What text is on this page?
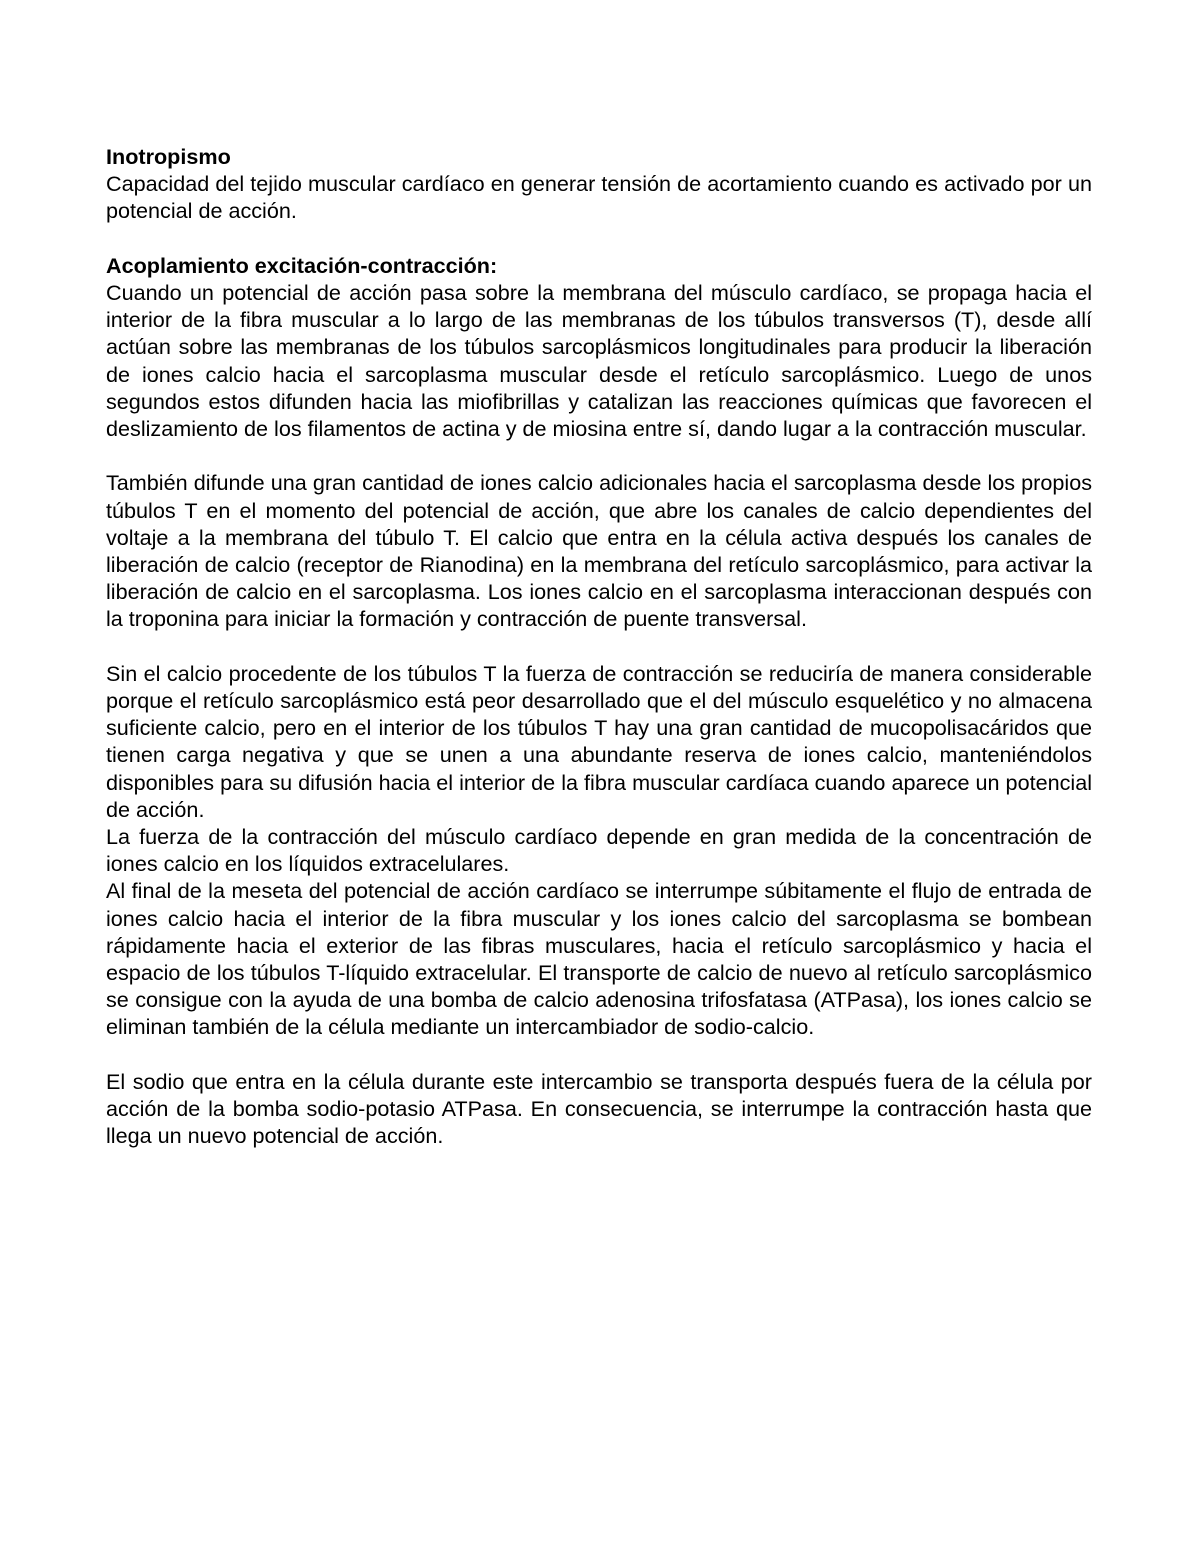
Inotropismo

Capacidad del tejido muscular cardíaco en generar tensión de acortamiento cuando es activado por un potencial de acción.

Acoplamiento excitación-contracción:

Cuando un potencial de acción pasa sobre la membrana del músculo cardíaco, se propaga hacia el interior de la fibra muscular a lo largo de las membranas de los túbulos transversos (T), desde allí actúan sobre las membranas de los túbulos sarcoplásmicos longitudinales para producir la liberación de iones calcio hacia el sarcoplasma muscular desde el retículo sarcoplásmico. Luego de unos segundos estos difunden hacia las miofibrillas y catalizan las reacciones químicas que favorecen el deslizamiento de los filamentos de actina y de miosina entre sí, dando lugar a la contracción muscular.

También difunde una gran cantidad de iones calcio adicionales hacia el sarcoplasma desde los propios túbulos T en el momento del potencial de acción, que abre los canales de calcio dependientes del voltaje a la membrana del túbulo T. El calcio que entra en la célula activa después los canales de liberación de calcio (receptor de Rianodina) en la membrana del retículo sarcoplásmico, para activar la liberación de calcio en el sarcoplasma. Los iones calcio en el sarcoplasma interaccionan después con la troponina para iniciar la formación y contracción de puente transversal.

Sin el calcio procedente de los túbulos T la fuerza de contracción se reduciría de manera considerable porque el retículo sarcoplásmico está peor desarrollado que el del músculo esquelético y no almacena suficiente calcio, pero en el interior de los túbulos T hay una gran cantidad de mucopolisacáridos que tienen carga negativa y que se unen a una abundante reserva de iones calcio, manteniéndolos disponibles para su difusión hacia el interior de la fibra muscular cardíaca cuando aparece un potencial de acción.

La fuerza de la contracción del músculo cardíaco depende en gran medida de la concentración de iones calcio en los líquidos extracelulares.

Al final de la meseta del potencial de acción cardíaco se interrumpe súbitamente el flujo de entrada de iones calcio hacia el interior de la fibra muscular y los iones calcio del sarcoplasma se bombean rápidamente hacia el exterior de las fibras musculares, hacia el retículo sarcoplásmico y hacia el espacio de los túbulos T-líquido extracelular. El transporte de calcio de nuevo al retículo sarcoplásmico se consigue con la ayuda de una bomba de calcio adenosina trifosfatasa (ATPasa), los iones calcio se eliminan también de la célula mediante un intercambiador de sodio-calcio.

El sodio que entra en la célula durante este intercambio se transporta después fuera de la célula por acción de la bomba sodio-potasio ATPasa. En consecuencia, se interrumpe la contracción hasta que llega un nuevo potencial de acción.
